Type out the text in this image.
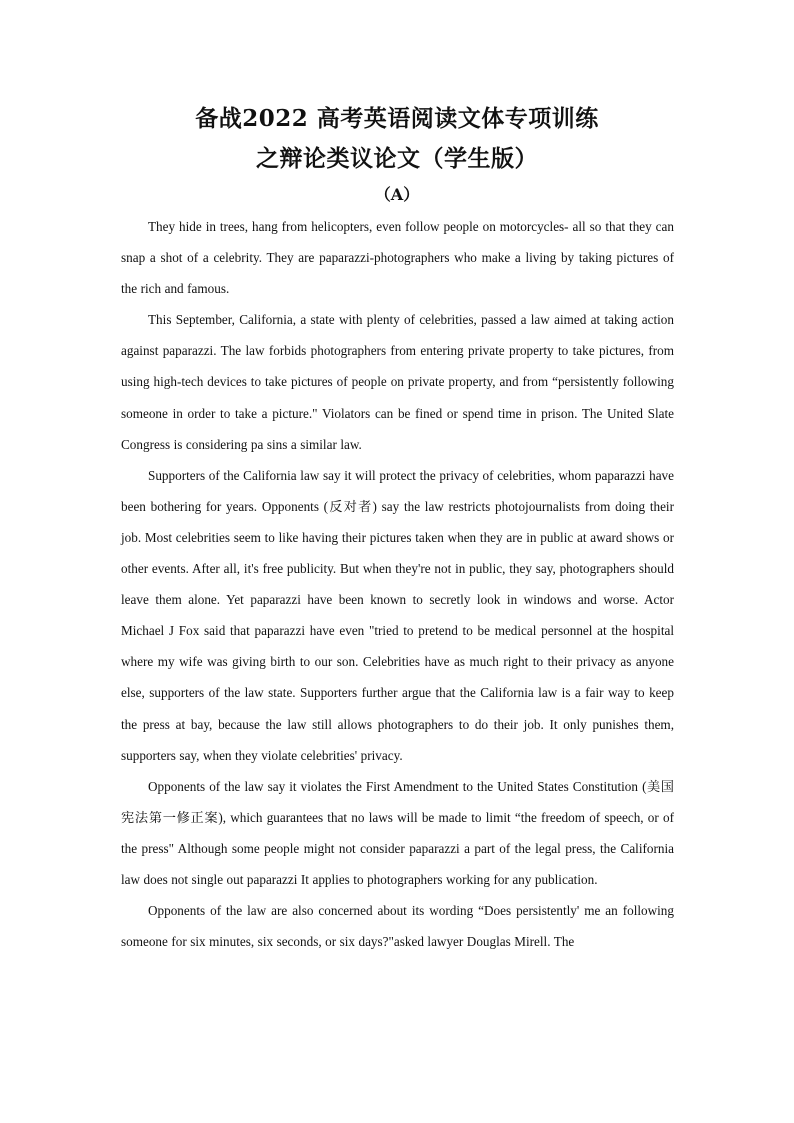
备战2022 高考英语阅读文体专项训练
之辩论类议论文（学生版）
（A）

They hide in trees, hang from helicopters, even follow people on motorcycles- all so that they can snap a shot of a celebrity. They are paparazzi-photographers who make a living by taking pictures of the rich and famous.

This September, California, a state with plenty of celebrities, passed a law aimed at taking action against paparazzi. The law forbids photographers from entering private property to take pictures, from using high-tech devices to take pictures of people on private property, and from “persistently following someone in order to take a picture." Violators can be fined or spend time in prison. The United Slate Congress is considering pa sins a similar law.

Supporters of the California law say it will protect the privacy of celebrities, whom paparazzi have been bothering for years. Opponents (反对者) say the law restricts photojournalists from doing their job. Most celebrities seem to like having their pictures taken when they are in public at award shows or other events. After all, it's free publicity. But when they're not in public, they say, photographers should leave them alone. Yet paparazzi have been known to secretly look in windows and worse. Actor Michael J Fox said that paparazzi have even "tried to pretend to be medical personnel at the hospital where my wife was giving birth to our son. Celebrities have as much right to their privacy as anyone else, supporters of the law state. Supporters further argue that the California law is a fair way to keep the press at bay, because the law still allows photographers to do their job. It only punishes them, supporters say, when they violate celebrities' privacy.

Opponents of the law say it violates the First Amendment to the United States Constitution (美国宪法第一修正案), which guarantees that no laws will be made to limit “the freedom of speech, or of the press" Although some people might not consider paparazzi a part of the legal press, the California law does not single out paparazzi It applies to photographers working for any publication.

Opponents of the law are also concerned about its wording “Does persistently' me an following someone for six minutes, six seconds, or six days?"asked lawyer Douglas Mirell. The
